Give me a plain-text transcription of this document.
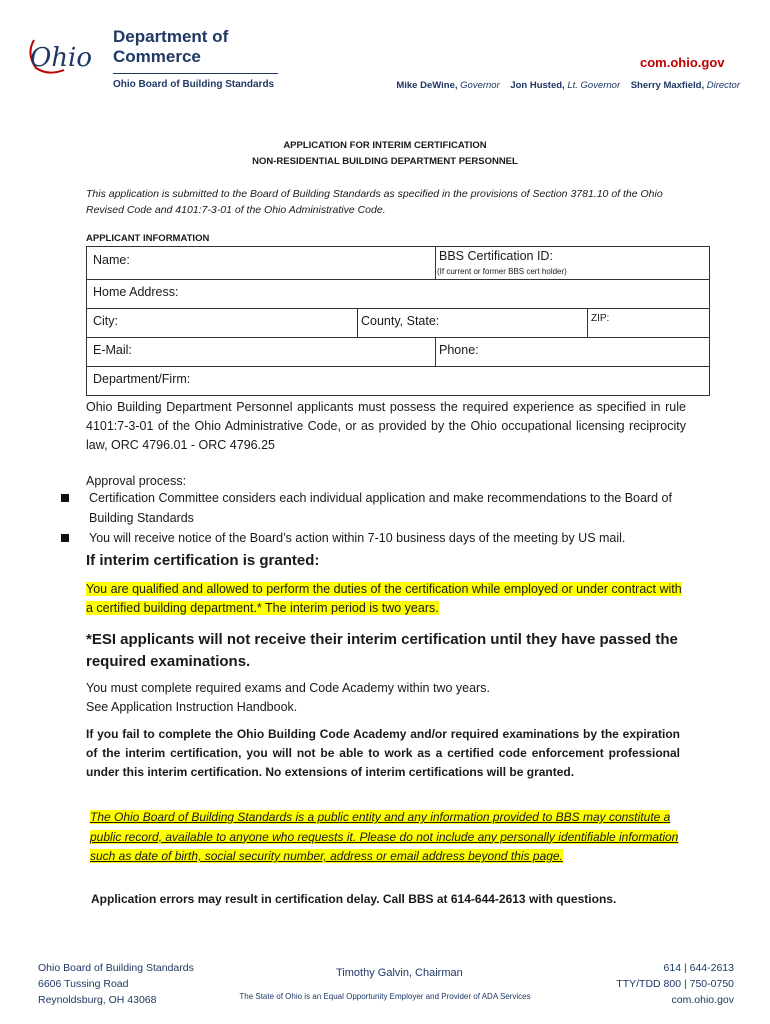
Ohio
Department of
Commerce
Ohio Board of Building Standards
com.ohio.gov
Mike DeWine, Governor Jon Husted, Lt. Governor Sherry Maxfield, Director
APPLICATION FOR INTERIM CERTIFICATION
NON-RESIDENTIAL BUILDING DEPARTMENT PERSONNEL
This application is submitted to the Board of Building Standards as specified in the provisions of Section 3781.10 of the Ohio Revised Code and 4101:7-3-01 of the Ohio Administrative Code.
APPLICANT INFORMATION
Name:	BBS Certification ID:
(If current or former BBS cert holder)
Home Address:
City:	County, State:	ZIP:
E-Mail:	Phone:
Department/Firm:
Ohio Building Department Personnel applicants must possess the required experience as specified in rule 4101:7-3-01 of the Ohio Administrative Code, or as provided by the Ohio occupational licensing reciprocity law, ORC 4796.01 - ORC 4796.25
Approval process:
Certification Committee considers each individual application and make recommendations to the Board of Building Standards
You will receive notice of the Board’s action within 7-10 business days of the meeting by US mail.
If interim certification is granted:
You are qualified and allowed to perform the duties of the certification while employed or under contract with a certified building department.* The interim period is two years.
*ESI applicants will not receive their interim certification until they have passed the required examinations.
You must complete required exams and Code Academy within two years.
See Application Instruction Handbook.
If you fail to complete the Ohio Building Code Academy and/or required examinations by the expiration of the interim certification, you will not be able to work as a certified code enforcement professional under this interim certification. No extensions of interim certifications will be granted.
The Ohio Board of Building Standards is a public entity and any information provided to BBS may constitute a public record, available to anyone who requests it. Please do not include any personally identifiable information such as date of birth, social security number, address or email address beyond this page.
Application errors may result in certification delay. Call BBS at 614-644-2613 with questions.
Ohio Board of Building Standards
6606 Tussing Road
Reynoldsburg, OH 43068
Timothy Galvin, Chairman
The State of Ohio is an Equal Opportunity Employer and Provider of ADA Services
614 | 644-2613
TTY/TDD 800 | 750-0750
com.ohio.gov
